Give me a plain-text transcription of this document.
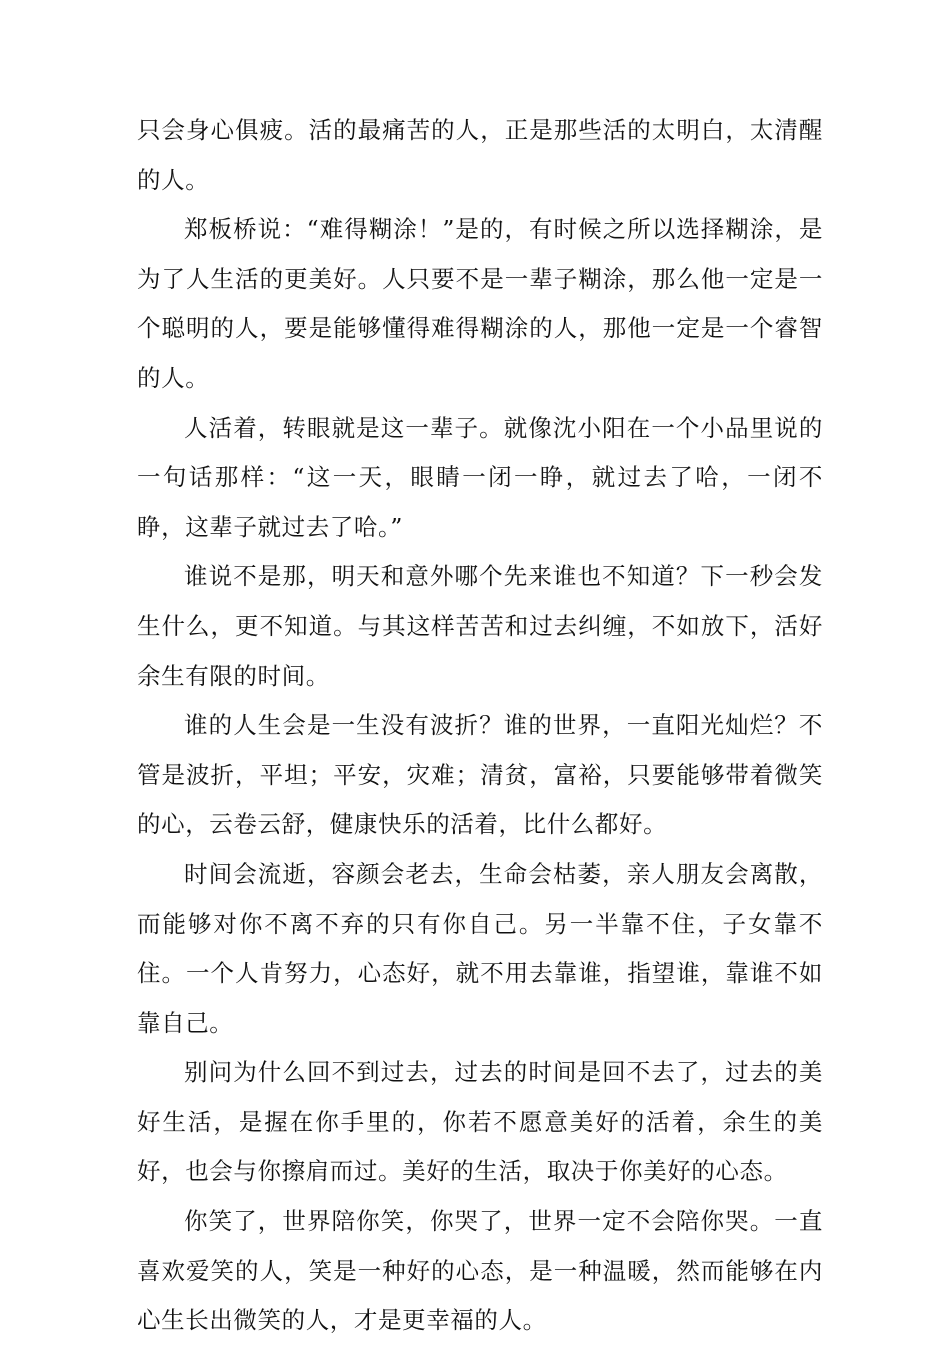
只会身心俱疲。活的最痛苦的人，正是那些活的太明白，太清醒的人。

郑板桥说：“难得糊涂！”是的，有时候之所以选择糊涂，是为了人生活的更美好。人只要不是一辈子糊涂，那么他一定是一个聪明的人，要是能够懂得难得糊涂的人，那他一定是一个睿智的人。

人活着，转眼就是这一辈子。就像沈小阳在一个小品里说的一句话那样：“这一天，眼睛一闭一睁，就过去了哈，一闭不睁，这辈子就过去了哈。”

谁说不是那，明天和意外哪个先来谁也不知道？下一秒会发生什么，更不知道。与其这样苦苦和过去纠缠，不如放下，活好余生有限的时间。

谁的人生会是一生没有波折？谁的世界，一直阳光灿烂？不管是波折，平坦；平安，灾难；清贫，富裕，只要能够带着微笑的心，云卷云舒，健康快乐的活着，比什么都好。

时间会流逝，容颜会老去，生命会枯萎，亲人朋友会离散，而能够对你不离不弃的只有你自己。另一半靠不住，子女靠不住。一个人肯努力，心态好，就不用去靠谁，指望谁，靠谁不如靠自己。

别问为什么回不到过去，过去的时间是回不去了，过去的美好生活，是握在你手里的，你若不愿意美好的活着，余生的美好，也会与你擦肩而过。美好的生活，取决于你美好的心态。

你笑了，世界陪你笑，你哭了，世界一定不会陪你哭。一直喜欢爱笑的人，笑是一种好的心态，是一种温暖，然而能够在内心生长出微笑的人，才是更幸福的人。
